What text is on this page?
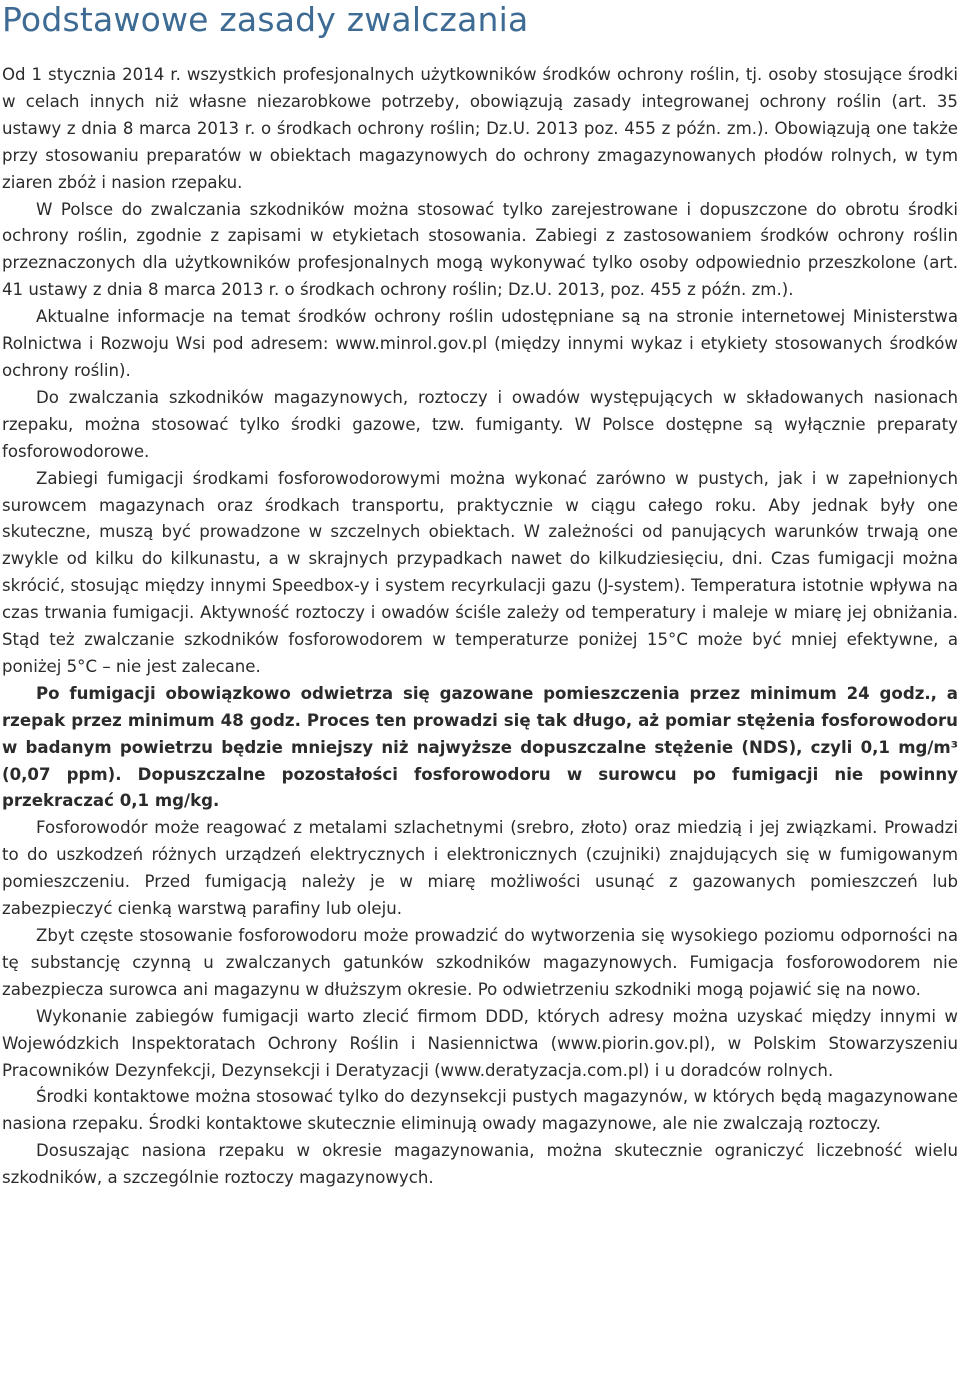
Podstawowe zasady zwalczania

Od 1 stycznia 2014 r. wszystkich profesjonalnych użytkowników środków ochrony roślin, tj. osoby stosujące środki w celach innych niż własne niezarobkowe potrzeby, obowiązują zasady integrowanej ochrony roślin (art. 35 ustawy z dnia 8 marca 2013 r. o środkach ochrony roślin; Dz.U. 2013 poz. 455 z późn. zm.). Obowiązują one także przy stosowaniu preparatów w obiektach magazynowych do ochrony zmagazynowanych płodów rolnych, w tym ziaren zbóż i nasion rzepaku.

W Polsce do zwalczania szkodników można stosować tylko zarejestrowane i dopuszczone do obrotu środki ochrony roślin, zgodnie z zapisami w etykietach stosowania. Zabiegi z zastosowaniem środków ochrony roślin przeznaczonych dla użytkowników profesjonalnych mogą wykonywać tylko osoby odpowiednio przeszkolone (art. 41 ustawy z dnia 8 marca 2013 r. o środkach ochrony roślin; Dz.U. 2013, poz. 455 z późn. zm.).

Aktualne informacje na temat środków ochrony roślin udostępniane są na stronie internetowej Ministerstwa Rolnictwa i Rozwoju Wsi pod adresem: www.minrol.gov.pl (między innymi wykaz i etykiety stosowanych środków ochrony roślin).

Do zwalczania szkodników magazynowych, roztoczy i owadów występujących w składowanych nasionach rzepaku, można stosować tylko środki gazowe, tzw. fumiganty. W Polsce dostępne są wyłącznie preparaty fosforowodorowe.

Zabiegi fumigacji środkami fosforowodorowymi można wykonać zarówno w pustych, jak i w zapełnionych surowcem magazynach oraz środkach transportu, praktycznie w ciągu całego roku. Aby jednak były one skuteczne, muszą być prowadzone w szczelnych obiektach. W zależności od panujących warunków trwają one zwykle od kilku do kilkunastu, a w skrajnych przypadkach nawet do kilkudziesięciu, dni. Czas fumigacji można skrócić, stosując między innymi Speedbox-y i system recyrkulacji gazu (J-system). Temperatura istotnie wpływa na czas trwania fumigacji. Aktywność roztoczy i owadów ściśle zależy od temperatury i maleje w miarę jej obniżania. Stąd też zwalczanie szkodników fosforowodorem w temperaturze poniżej 15°C może być mniej efektywne, a poniżej 5°C – nie jest zalecane.

Po fumigacji obowiązkowo odwietrza się gazowane pomieszczenia przez minimum 24 godz., a rzepak przez minimum 48 godz. Proces ten prowadzi się tak długo, aż pomiar stężenia fosforowodoru w badanym powietrzu będzie mniejszy niż najwyższe dopuszczalne stężenie (NDS), czyli 0,1 mg/m³ (0,07 ppm). Dopuszczalne pozostałości fosforowodoru w surowcu po fumigacji nie powinny przekraczać 0,1 mg/kg.

Fosforowodór może reagować z metalami szlachetnymi (srebro, złoto) oraz miedzią i jej związkami. Prowadzi to do uszkodzeń różnych urządzeń elektrycznych i elektronicznych (czujniki) znajdujących się w fumigowanym pomieszczeniu. Przed fumigacją należy je w miarę możliwości usunąć z gazowanych pomieszczeń lub zabezpieczyć cienką warstwą parafiny lub oleju.

Zbyt częste stosowanie fosforowodoru może prowadzić do wytworzenia się wysokiego poziomu odporności na tę substancję czynną u zwalczanych gatunków szkodników magazynowych. Fumigacja fosforowodorem nie zabezpiecza surowca ani magazynu w dłuższym okresie. Po odwietrzeniu szkodniki mogą pojawić się na nowo.

Wykonanie zabiegów fumigacji warto zlecić firmom DDD, których adresy można uzyskać między innymi w Wojewódzkich Inspektoratach Ochrony Roślin i Nasiennictwa (www.piorin.gov.pl), w Polskim Stowarzyszeniu Pracowników Dezynfekcji, Dezynsekcji i Deratyzacji (www.deratyzacja.com.pl) i u doradców rolnych.

Środki kontaktowe można stosować tylko do dezynsekcji pustych magazynów, w których będą magazynowane nasiona rzepaku. Środki kontaktowe skutecznie eliminują owady magazynowe, ale nie zwalczają roztoczy.

Dosuszając nasiona rzepaku w okresie magazynowania, można skutecznie ograniczyć liczebność wielu szkodników, a szczególnie roztoczy magazynowych.
